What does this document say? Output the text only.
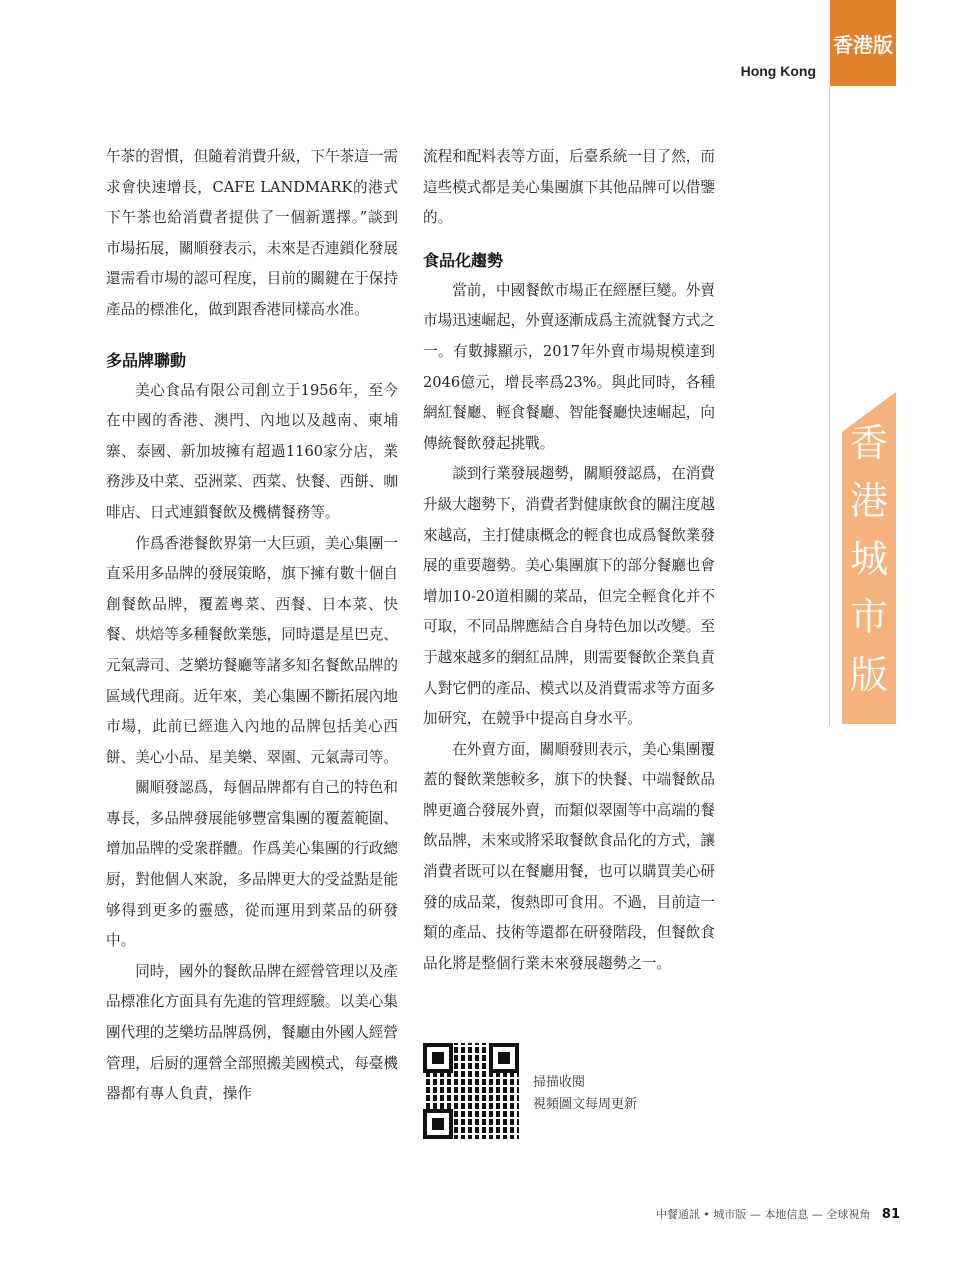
香港版
Hong Kong
香港城市版

午茶的習慣，但隨着消費升級，下午茶這一需求會快速增長，CAFE LANDMARK的港式下午茶也給消費者提供了一個新選擇。”談到市場拓展，關順發表示，未來是否連鎖化發展還需看市場的認可程度，目前的關鍵在于保持產品的標准化，做到跟香港同樣高水准。

多品牌聯動

美心食品有限公司創立于1956年，至今在中國的香港、澳門、內地以及越南、柬埔寨、泰國、新加坡擁有超過1160家分店，業務涉及中菜、亞洲菜、西菜、快餐、西餅、咖啡店、日式連鎖餐飲及機構餐務等。

作爲香港餐飲界第一大巨頭，美心集團一直采用多品牌的發展策略，旗下擁有數十個自創餐飲品牌，覆蓋粵菜、西餐、日本菜、快餐、烘焙等多種餐飲業態，同時還是星巴克、元氣壽司、芝樂坊餐廳等諸多知名餐飲品牌的區域代理商。近年來，美心集團不斷拓展內地市場，此前已經進入內地的品牌包括美心西餅、美心小品、星美樂、翠園、元氣壽司等。

關順發認爲，每個品牌都有自己的特色和專長，多品牌發展能够豐富集團的覆蓋範圍、增加品牌的受衆群體。作爲美心集團的行政總厨，對他個人來說，多品牌更大的受益點是能够得到更多的靈感，從而運用到菜品的研發中。

同時，國外的餐飲品牌在經營管理以及產品標准化方面具有先進的管理經驗。以美心集團代理的芝樂坊品牌爲例，餐廳由外國人經營管理，后厨的運營全部照搬美國模式，每臺機器都有專人負責，操作

流程和配料表等方面，后臺系統一目了然，而這些模式都是美心集團旗下其他品牌可以借鑒的。

食品化趨勢

當前，中國餐飲市場正在經歷巨變。外賣市場迅速崛起，外賣逐漸成爲主流就餐方式之一。有數據顯示，2017年外賣市場規模達到2046億元，增長率爲23%。與此同時，各種網紅餐廳、輕食餐廳、智能餐廳快速崛起，向傳統餐飲發起挑戰。

談到行業發展趨勢，關順發認爲，在消費升級大趨勢下，消費者對健康飲食的關注度越來越高，主打健康概念的輕食也成爲餐飲業發展的重要趨勢。美心集團旗下的部分餐廳也會增加10-20道相關的菜品，但完全輕食化并不可取，不同品牌應結合自身特色加以改變。至于越來越多的網紅品牌，則需要餐飲企業負責人對它們的產品、模式以及消費需求等方面多加研究，在競爭中提高自身水平。

在外賣方面，關順發則表示，美心集團覆蓋的餐飲業態較多，旗下的快餐、中端餐飲品牌更適合發展外賣，而類似翠園等中高端的餐飲品牌，未來或將采取餐飲食品化的方式，讓消費者既可以在餐廳用餐，也可以購買美心研發的成品菜，復熱即可食用。不過，目前這一類的產品、技術等還都在研發階段，但餐飲食品化將是整個行業未來發展趨勢之一。

掃描收閱
視頻圖文每周更新
中餐通訊 • 城市版 — 本地信息 — 全球視角 81
